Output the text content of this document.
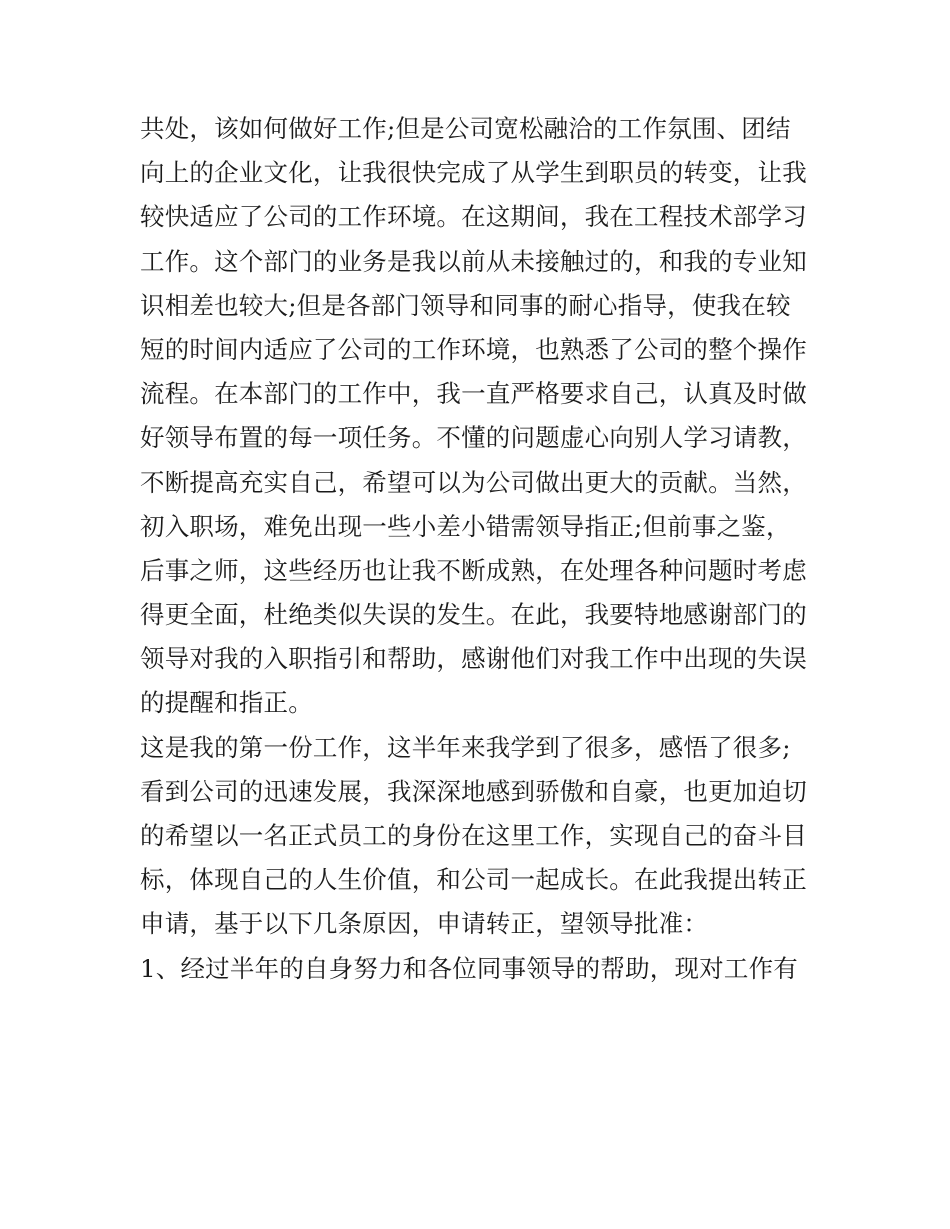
共处，该如何做好工作;但是公司宽松融洽的工作氛围、团结
向上的企业文化，让我很快完成了从学生到职员的转变，让我
较快适应了公司的工作环境。在这期间，我在工程技术部学习
工作。这个部门的业务是我以前从未接触过的，和我的专业知
识相差也较大;但是各部门领导和同事的耐心指导，使我在较
短的时间内适应了公司的工作环境，也熟悉了公司的整个操作
流程。在本部门的工作中，我一直严格要求自己，认真及时做
好领导布置的每一项任务。不懂的问题虚心向别人学习请教，
不断提高充实自己，希望可以为公司做出更大的贡献。当然，
初入职场，难免出现一些小差小错需领导指正;但前事之鉴，
后事之师，这些经历也让我不断成熟，在处理各种问题时考虑
得更全面，杜绝类似失误的发生。在此，我要特地感谢部门的
领导对我的入职指引和帮助，感谢他们对我工作中出现的失误
的提醒和指正。
这是我的第一份工作，这半年来我学到了很多，感悟了很多;
看到公司的迅速发展，我深深地感到骄傲和自豪，也更加迫切
的希望以一名正式员工的身份在这里工作，实现自己的奋斗目
标，体现自己的人生价值，和公司一起成长。在此我提出转正
申请，基于以下几条原因，申请转正，望领导批准：
1、经过半年的自身努力和各位同事领导的帮助，现对工作有
